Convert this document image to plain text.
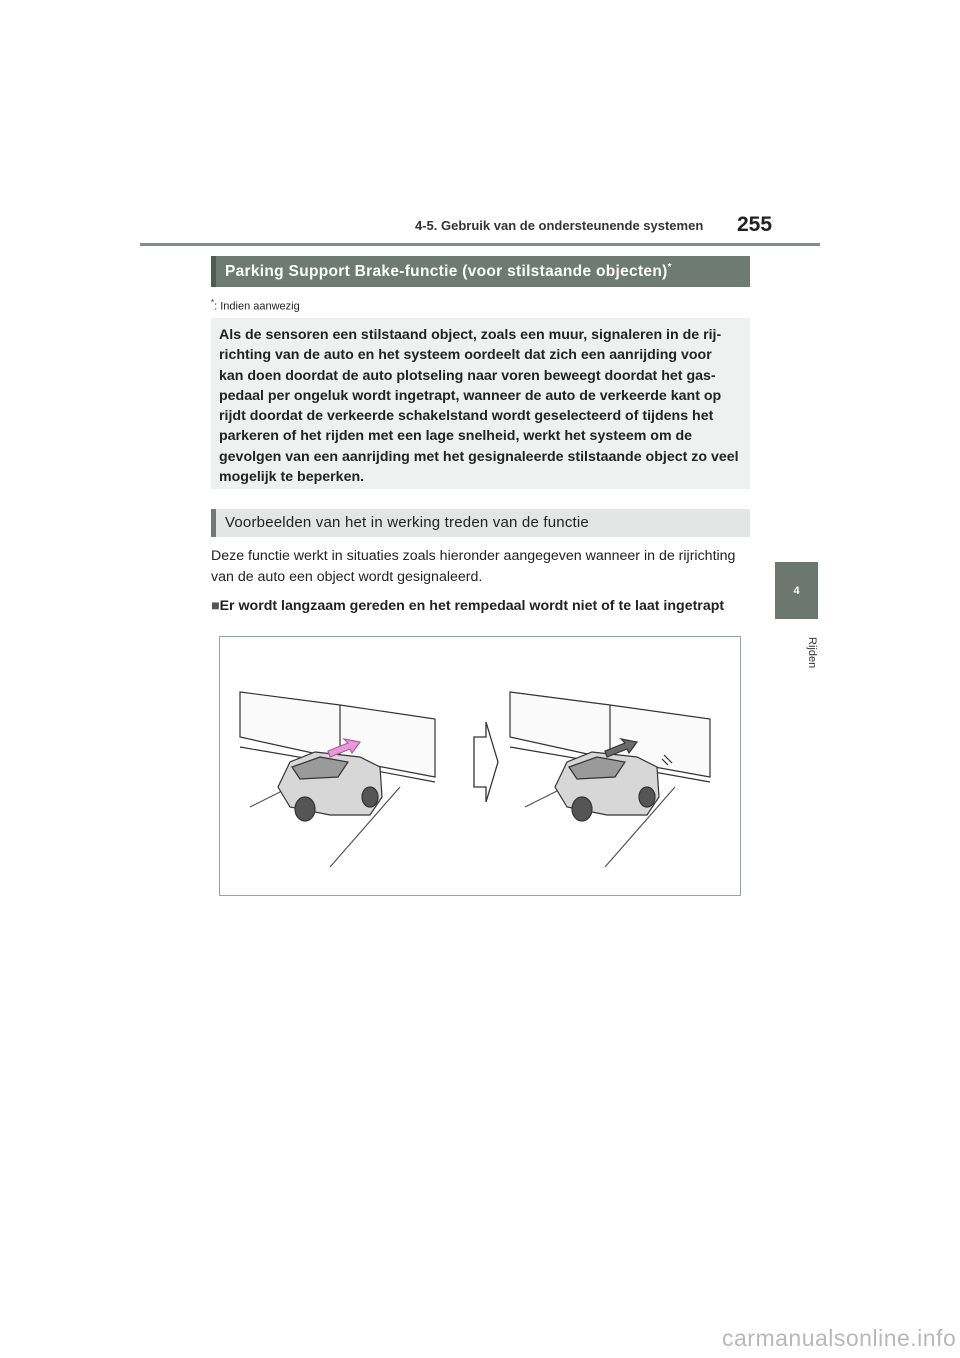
4-5. Gebruik van de ondersteunende systemen 255
4
Rijden
Parking Support Brake-functie (voor stilstaande objecten)*
*: Indien aanwezig

Als de sensoren een stilstaand object, zoals een muur, signaleren in de rij-richting van de auto en het systeem oordeelt dat zich een aanrijding voor kan doen doordat de auto plotseling naar voren beweegt doordat het gas-pedaal per ongeluk wordt ingetrapt, wanneer de auto de verkeerde kant op rijdt doordat de verkeerde schakelstand wordt geselecteerd of tijdens het parkeren of het rijden met een lage snelheid, werkt het systeem om de gevolgen van een aanrijding met het gesignaleerde stilstaande object zo veel mogelijk te beperken.

Voorbeelden van het in werking treden van de functie
Deze functie werkt in situaties zoals hieronder aangegeven wanneer in de rijrichting van de auto een object wordt gesignaleerd.
■Er wordt langzaam gereden en het rempedaal wordt niet of te laat ingetrapt
carmanualsonline.info
